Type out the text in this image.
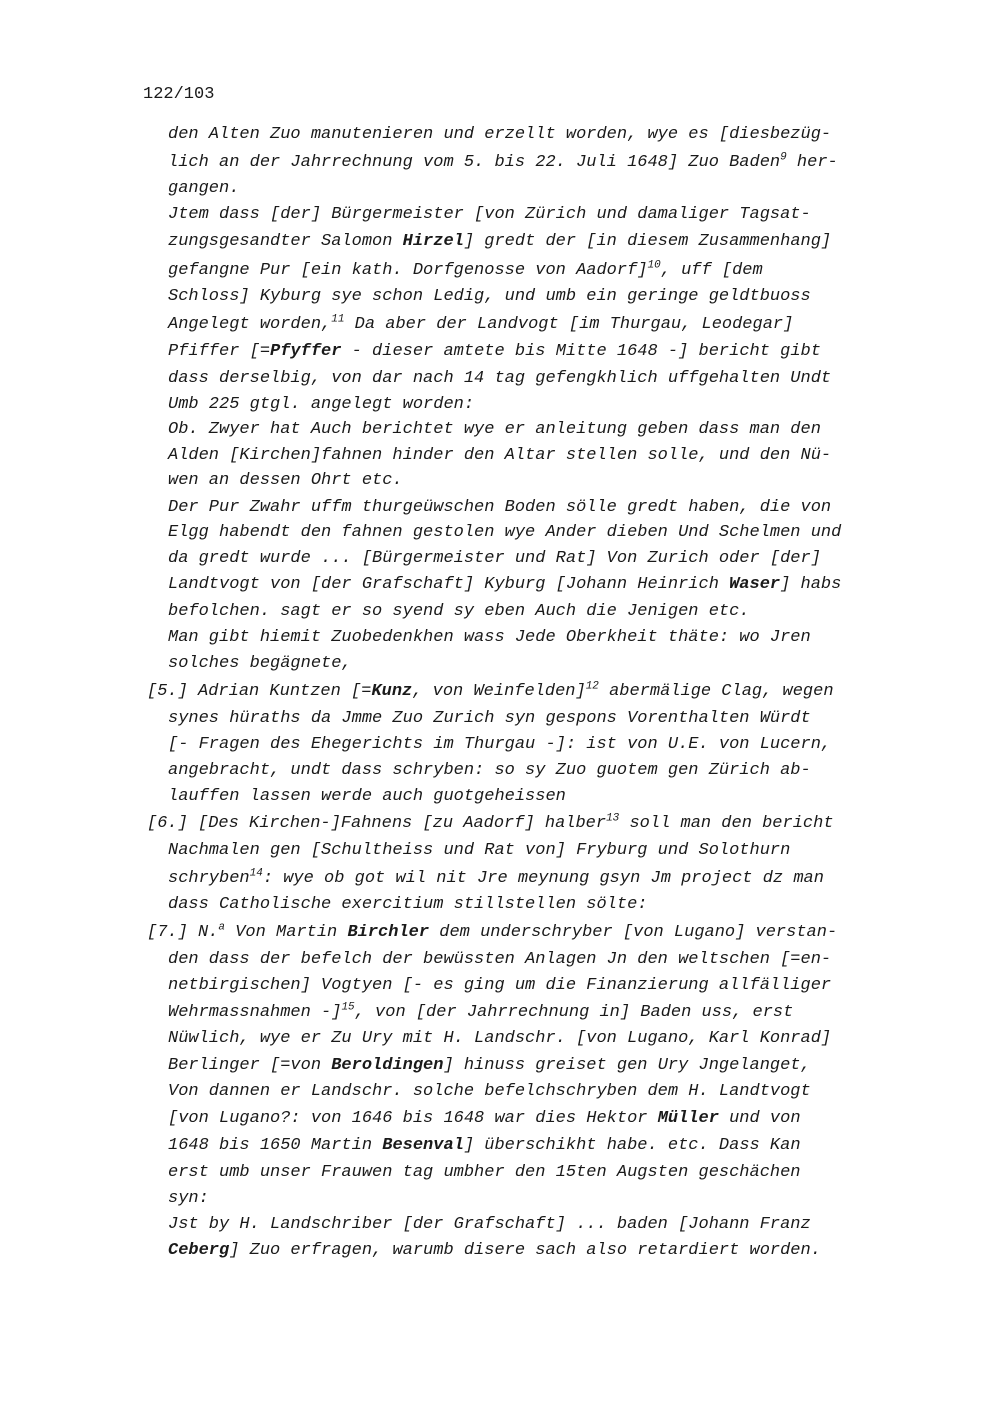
122/103
den Alten Zuo manutenieren und erzellt worden, wye es [diesbezüg-
lich an der Jahrrechnung vom 5. bis 22. Juli 1648] Zuo Baden$^9$ her-
gangen.
Jtem dass [der] Bürgermeister [von Zürich und damaliger Tagsat-
zungsgesandter Salomon Hirzel] gredt der [in diesem Zusammenhang]
gefangne Pur [ein kath. Dorfgenosse von Aadorf]$^{10}$, uff [dem
Schloss] Kyburg sye schon Ledig, und umb ein geringe geldtbuoss
Angelegt worden,$^{11}$ Da aber der Landvogt [im Thurgau, Leodegar]
Pfiffer [=Pfyffer - dieser amtete bis Mitte 1648 -] bericht gibt
dass derselbig, von dar nach 14 tag gefengkhlich uffgehalten Undt
Umb 225 gtgl. angelegt worden:
Ob. Zwyer hat Auch berichtet wye er anleitung geben dass man den
Alden [Kirchen]fahnen hinder den Altar stellen solle, und den Nü-
wen an dessen Ohrt etc.
Der Pur Zwahr uffm thurgeüwschen Boden sölle gredt haben, die von
Elgg habendt den fahnen gestolen wye Ander dieben Und Schelmen und
da gredt wurde ... [Bürgermeister und Rat] Von Zurich oder [der]
Landtvogt von [der Grafschaft] Kyburg [Johann Heinrich Waser] habs
befolchen. sagt er so syend sy eben Auch die Jenigen etc.
Man gibt hiemit Zuobedenkhen wass Jede Oberkheit thäte: wo Jren
solches begägnete,
[5.] Adrian Kuntzen [=Kunz, von Weinfelden]$^{12}$ abermälige Clag, wegen
synes hüraths da Jmme Zuo Zurich syn gespons Vorenthalten Würdt
[- Fragen des Ehegerichts im Thurgau -]: ist von U.E. von Lucern,
angebracht, undt dass schryben: so sy Zuo guotem gen Zürich ab-
lauffen lassen werde auch guotgeheissen
[6.] [Des Kirchen-]Fahnens [zu Aadorf] halber$^{13}$ soll man den bericht
Nachmalen gen [Schultheiss und Rat von] Fryburg und Solothurn
schryben$^{14}$: wye ob got wil nit Jre meynung gsyn Jm project dz man
dass Catholische exercitium stillstellen sölte:
[7.] N.$^a$ Von Martin Birchler dem underschryber [von Lugano] verstan-
den dass der befelch der bewüssten Anlagen Jn den weltschen [=en-
netbirgischen] Vogtyen [- es ging um die Finanzierung allfälliger
Wehrmassnahmen -]$^{15}$, von [der Jahrrechnung in] Baden uss, erst
Nüwlich, wye er Zu Ury mit H. Landschr. [von Lugano, Karl Konrad]
Berlinger [=von Beroldingen] hinuss greiset gen Ury Jngelanget,
Von dannen er Landschr. solche befelchschryben dem H. Landtvogt
[von Lugano?: von 1646 bis 1648 war dies Hektor Müller und von
1648 bis 1650 Martin Besenval] überschikht habe. etc. Dass Kan
erst umb unser Frauwen tag umbher den 15ten Augsten geschächen
syn:
Jst by H. Landschriber [der Grafschaft] ... baden [Johann Franz
Ceberg] Zuo erfragen, warumb disere sach also retardiert worden.
